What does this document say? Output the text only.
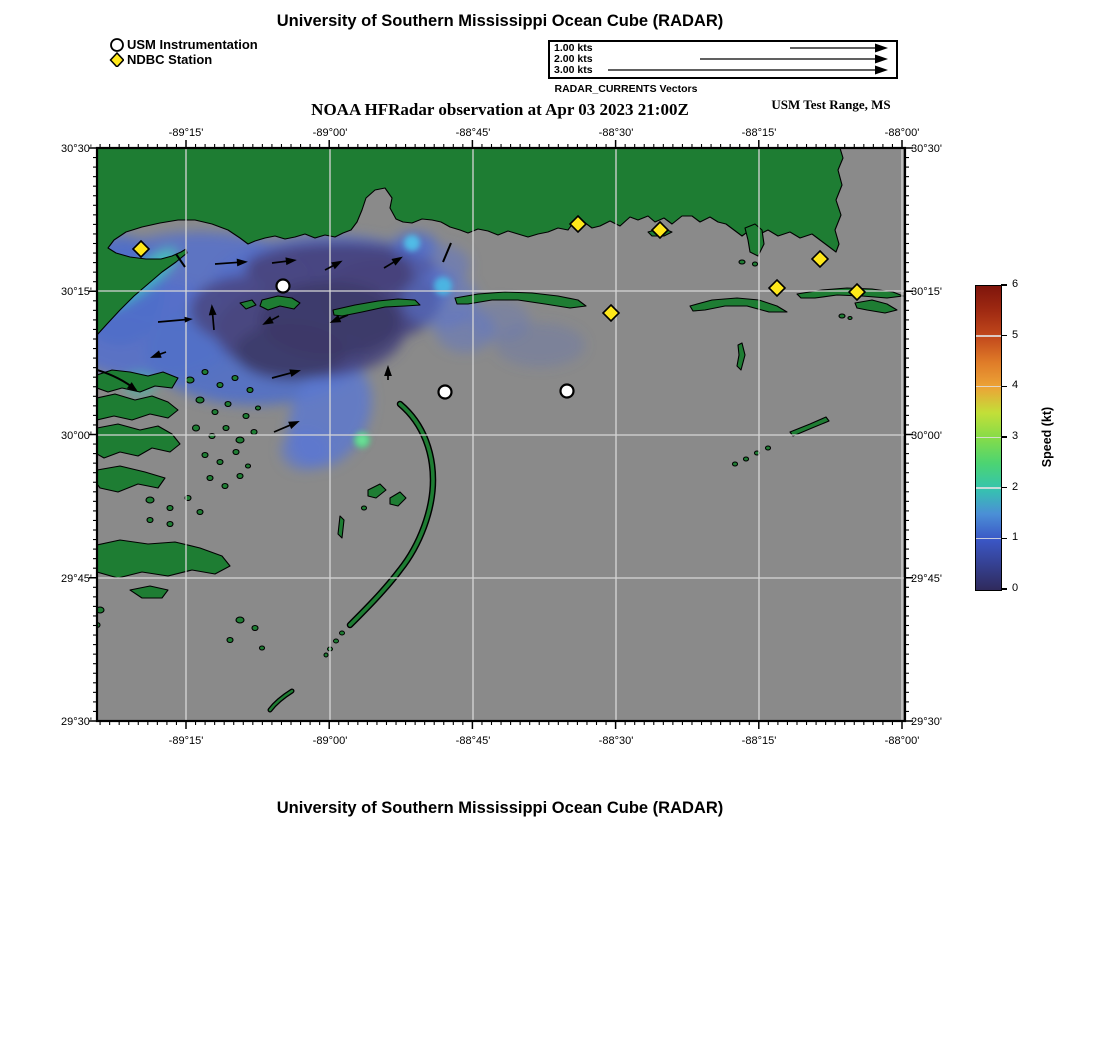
-89°15'
-89°15'
-89°00'
-89°00'
-88°45'
-88°45'
-88°30'
-88°30'
-88°15'
-88°15'
-88°00'
-88°00'
30°30'	30°30'
30°15'	30°15'
30°00'	30°00'
29°45'	29°45'
29°30'	29°30'
University of Southern Mississippi Ocean Cube (RADAR)
USM Instrumentation
NDBC Station
1.00 kts
2.00 kts
3.00 kts
RADAR_CURRENTS Vectors
NOAA HFRadar observation at Apr 03 2023 21:00Z	USM Test Range, MS
0
1
2
3
4
5
6
Speed (kt)
University of Southern Mississippi Ocean Cube (RADAR)
